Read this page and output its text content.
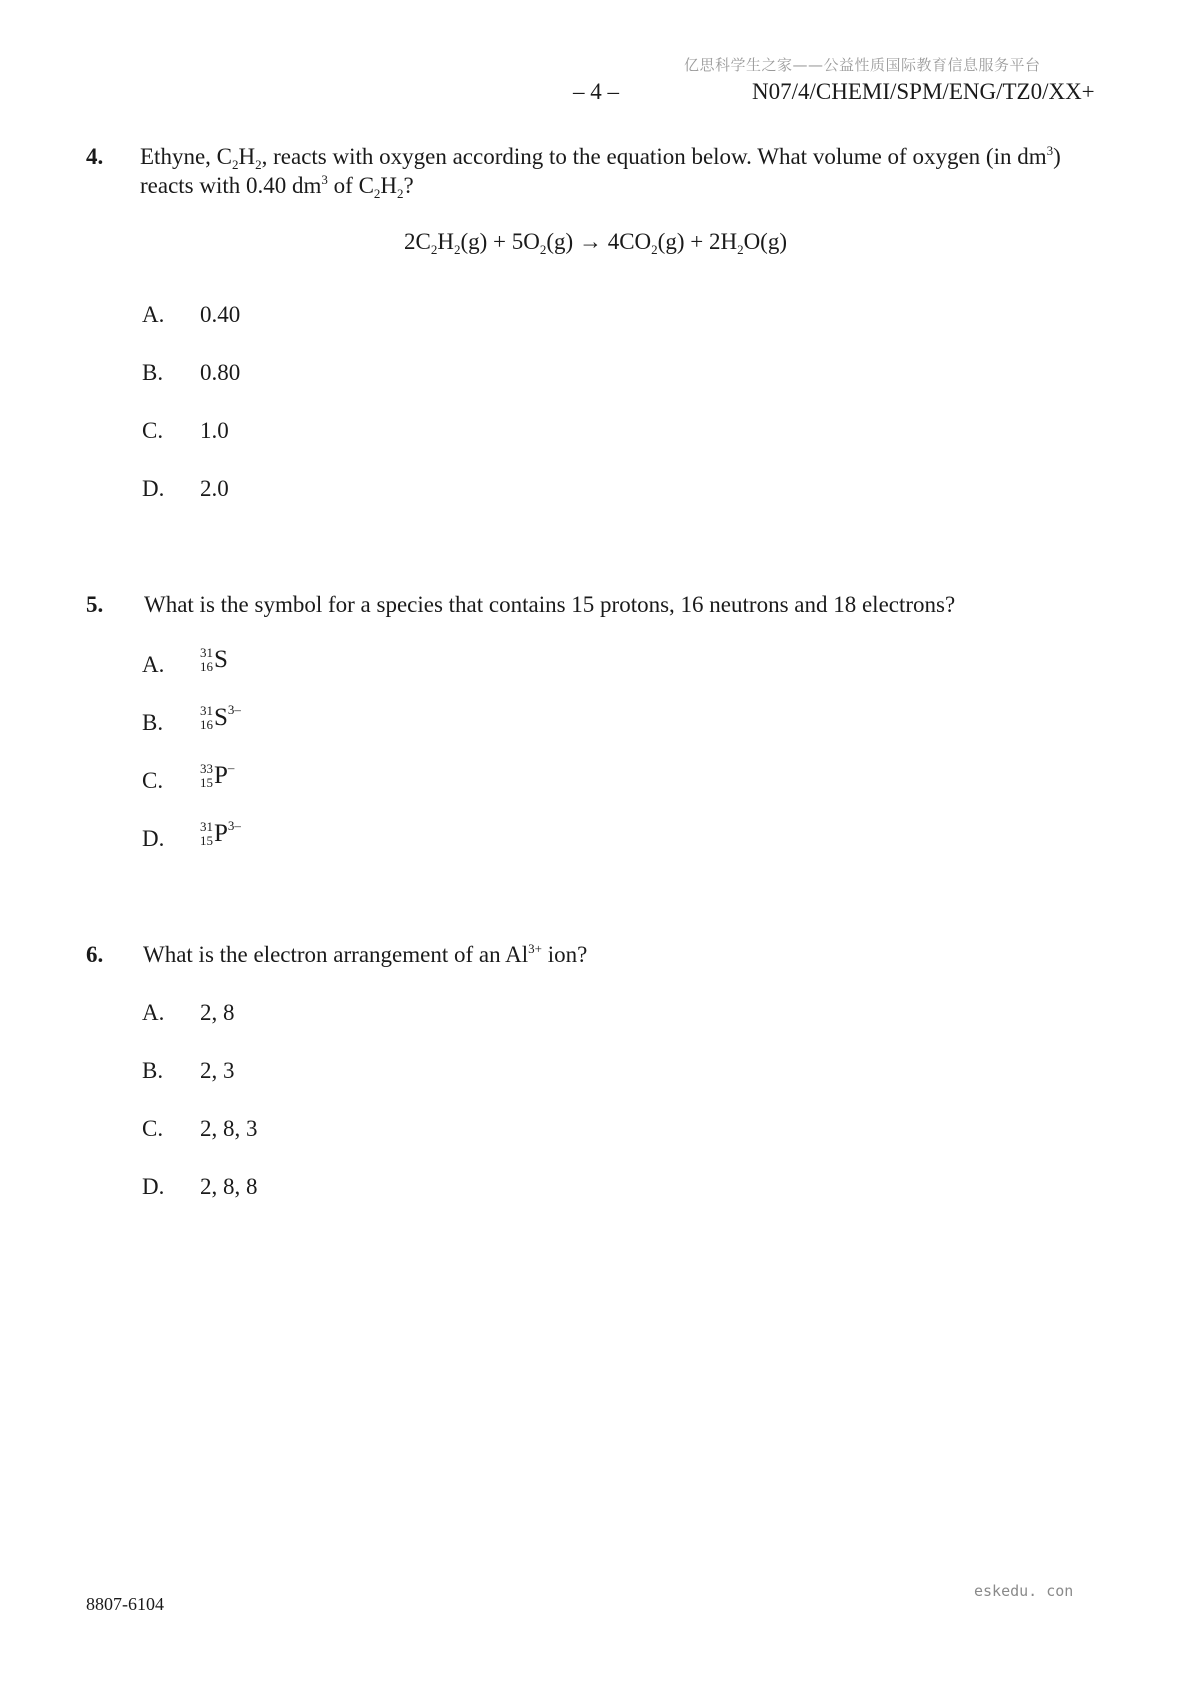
亿思科学生之家——公益性质国际教育信息服务平台
– 4 –	N07/4/CHEMI/SPM/ENG/TZ0/XX+
4. Ethyne, $C_2H_2$, reacts with oxygen according to the equation below. What volume of oxygen (in $dm^3$)
reacts with 0.40 $dm^3$ of $C_2H_2$?
$2C_2H_2(g) + 5O_2(g) \to 4CO_2(g) + 2H_2O(g)$
A. 0.40
B. 0.80
C. 1.0
D. 2.0
5. What is the symbol for a species that contains 15 protons, 16 neutrons and 18 electrons?
A.	31
16 S
B.	31
16 S 3–
C.	33
15 P –
D.	31
15 P 3–
6. What is the electron arrangement of an $Al^{3+}$ ion?
A. 2, 8
B. 2, 3
C. 2, 8, 3
D. 2, 8, 8
8807-6104
eskedu. con
